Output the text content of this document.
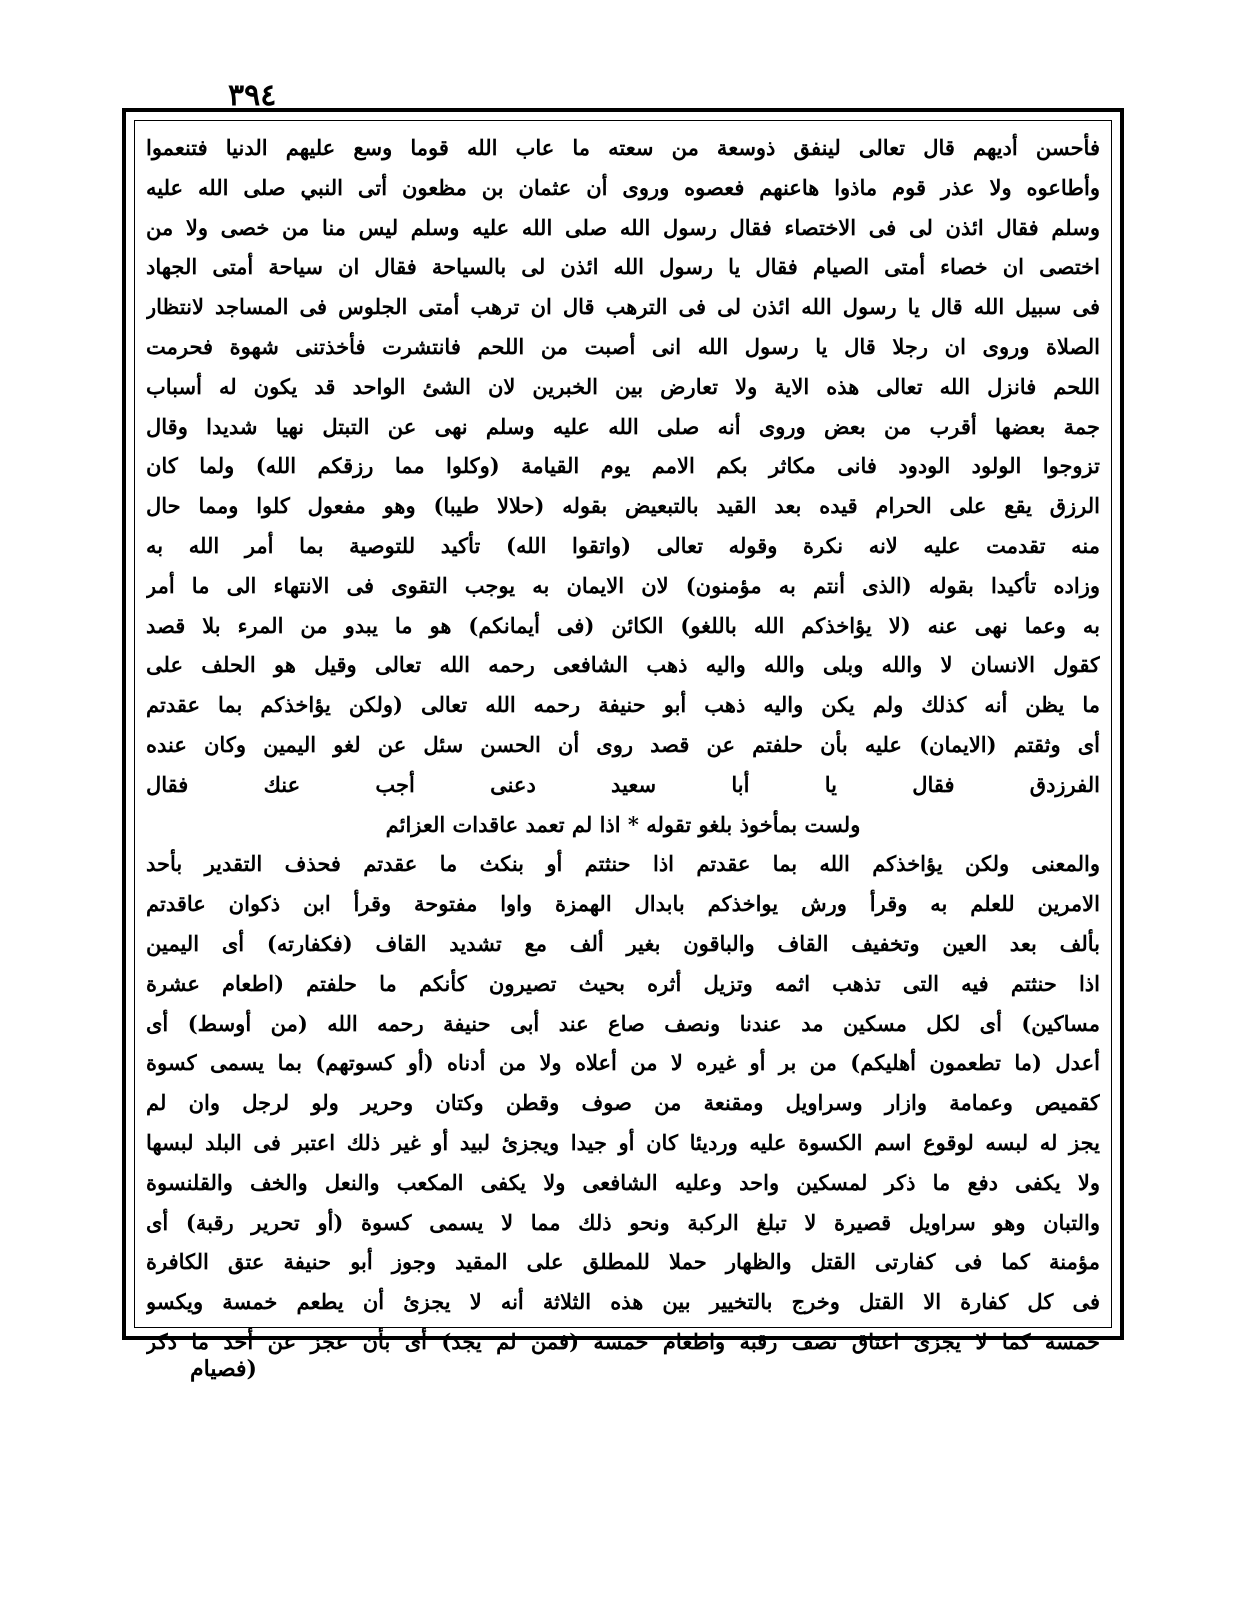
٣٩٤
فأحسن أديهم قال تعالى لينفق ذوسعة من سعته ما عاب الله قوما وسع عليهم الدنيا فتنعموا
وأطاعوه ولا عذر قوم ماذوا هاعنهم فعصوه وروى أن عثمان بن مظعون أتى النبي صلى الله عليه
وسلم فقال ائذن لى فى الاختصاء فقال رسول الله صلى الله عليه وسلم ليس منا من خصى ولا من
اختصى ان خصاء أمتى الصيام فقال يا رسول الله ائذن لى بالسياحة فقال ان سياحة أمتى الجهاد
فى سبيل الله قال يا رسول الله ائذن لى فى الترهب قال ان ترهب أمتى الجلوس فى المساجد لانتظار
الصلاة وروى ان رجلا قال يا رسول الله انى أصبت من اللحم فانتشرت فأخذتنى شهوة فحرمت
اللحم فانزل الله تعالى هذه الاية ولا تعارض بين الخبرين لان الشئ الواحد قد يكون له أسباب
جمة بعضها أقرب من بعض وروى أنه صلى الله عليه وسلم نهى عن التبتل نهيا شديدا وقال
تزوجوا الولود الودود فانى مكاثر بكم الامم يوم القيامة (وكلوا مما رزقكم الله) ولما كان
الرزق يقع على الحرام قيده بعد القيد بالتبعيض بقوله (حلالا طيبا) وهو مفعول كلوا ومما حال
منه تقدمت عليه لانه نكرة وقوله تعالى (واتقوا الله) تأكيد للتوصية بما أمر الله به
وزاده تأكيدا بقوله (الذى أنتم به مؤمنون) لان الايمان به يوجب التقوى فى الانتهاء الى ما أمر
به وعما نهى عنه (لا يؤاخذكم الله باللغو) الكائن (فى أيمانكم) هو ما يبدو من المرء بلا قصد
كقول الانسان لا والله وبلى والله واليه ذهب الشافعى رحمه الله تعالى وقيل هو الحلف على
ما يظن أنه كذلك ولم يكن واليه ذهب أبو حنيفة رحمه الله تعالى (ولكن يؤاخذكم بما عقدتم
أى وثقتم (الايمان) عليه بأن حلفتم عن قصد روى أن الحسن سئل عن لغو اليمين وكان عنده
الفرزدق فقال يا أبا سعيد دعنى أجب عنك فقال
ولست بمأخوذ بلغو تقوله * اذا لم تعمد عاقدات العزائم
والمعنى ولكن يؤاخذكم الله بما عقدتم اذا حنثتم أو بنكث ما عقدتم فحذف التقدير بأحد
الامرين للعلم به وقرأ ورش يواخذكم بابدال الهمزة واوا مفتوحة وقرأ ابن ذكوان عاقدتم
بألف بعد العين وتخفيف القاف والباقون بغير ألف مع تشديد القاف (فكفارته) أى اليمين
اذا حنثتم فيه التى تذهب اثمه وتزيل أثره بحيث تصيرون كأنكم ما حلفتم (اطعام عشرة
مساكين) أى لكل مسكين مد عندنا ونصف صاع عند أبى حنيفة رحمه الله (من أوسط) أى
أعدل (ما تطعمون أهليكم) من بر أو غيره لا من أعلاه ولا من أدناه (أو كسوتهم) بما يسمى كسوة
كقميص وعمامة وازار وسراويل ومقنعة من صوف وقطن وكتان وحرير ولو لرجل وان لم
يجز له لبسه لوقوع اسم الكسوة عليه ورديئا كان أو جيدا ويجزئ لبيد أو غير ذلك اعتبر فى البلد لبسها
ولا يكفى دفع ما ذكر لمسكين واحد وعليه الشافعى ولا يكفى المكعب والنعل والخف والقلنسوة
والتبان وهو سراويل قصيرة لا تبلغ الركبة ونحو ذلك مما لا يسمى كسوة (أو تحرير رقبة) أى
مؤمنة كما فى كفارتى القتل والظهار حملا للمطلق على المقيد وجوز أبو حنيفة عتق الكافرة
فى كل كفارة الا القتل وخرج بالتخيير بين هذه الثلاثة أنه لا يجزئ أن يطعم خمسة ويكسو
خمسة كما لا يجزئ اعتاق نصف رقبة واطعام خمسة (فمن لم يجد) أى بأن عجز عن أحد ما ذكر
(فصيام
